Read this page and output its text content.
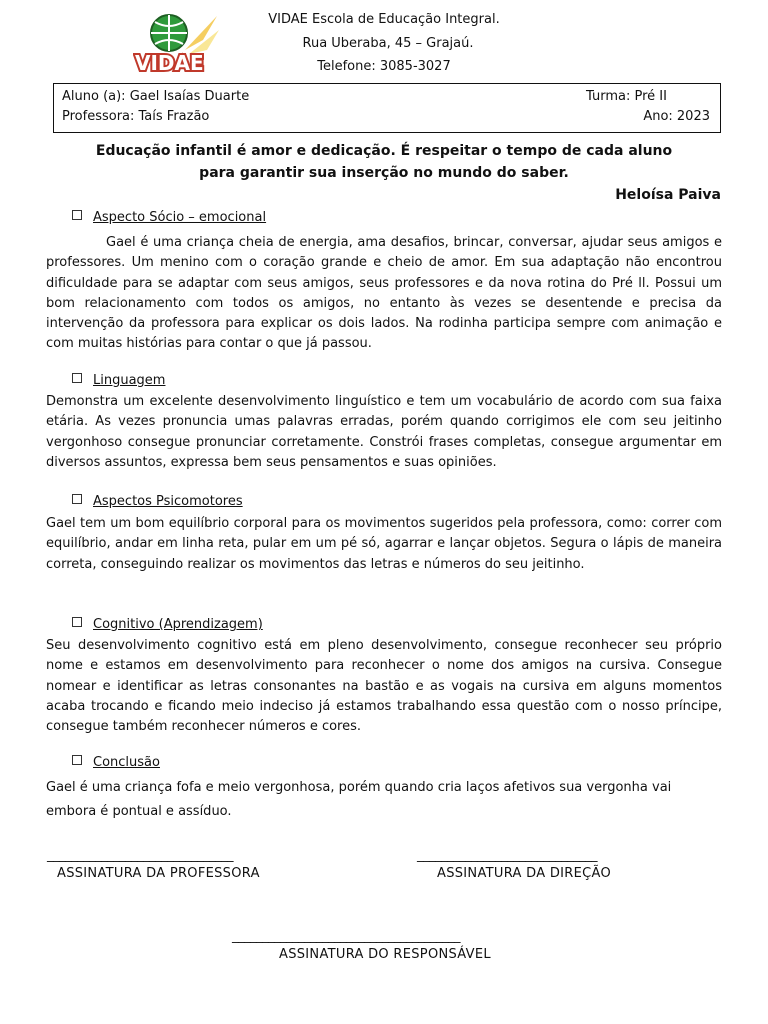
VIDAE
VIDAE Escola de Educação Integral.
Rua Uberaba, 45 – Grajaú.
Telefone: 3085-3027
Aluno (a): Gael Isaías Duarte	Turma: Pré II
Professora: Taís Frazão	Ano: 2023
Educação infantil é amor e dedicação. É respeitar o tempo de cada aluno
para garantir sua inserção no mundo do saber.
Heloísa Paiva
Aspecto Sócio – emocional

Gael é uma criança cheia de energia, ama desafios, brincar, conversar, ajudar seus amigos e professores. Um menino com o coração grande e cheio de amor. Em sua adaptação não encontrou dificuldade para se adaptar com seus amigos, seus professores e da nova rotina do Pré ll. Possui um bom relacionamento com todos os amigos, no entanto às vezes se desentende e precisa da intervenção da professora para explicar os dois lados. Na rodinha participa sempre com animação e com muitas histórias para contar o que já passou.

Linguagem

Demonstra um excelente desenvolvimento linguístico e tem um vocabulário de acordo com sua faixa etária. As vezes pronuncia umas palavras erradas, porém quando corrigimos ele com seu jeitinho vergonhoso consegue pronunciar corretamente. Constrói frases completas, consegue argumentar em diversos assuntos, expressa bem seus pensamentos e suas opiniões.

Aspectos Psicomotores

Gael tem um bom equilíbrio corporal para os movimentos sugeridos pela professora, como: correr com equilíbrio, andar em linha reta, pular em um pé só, agarrar e lançar objetos. Segura o lápis de maneira correta, conseguindo realizar os movimentos das letras e números do seu jeitinho.

Cognitivo (Aprendizagem)

Seu desenvolvimento cognitivo está em pleno desenvolvimento, consegue reconhecer seu próprio nome e estamos em desenvolvimento para reconhecer o nome dos amigos na cursiva. Consegue nomear e identificar as letras consonantes na bastão e as vogais na cursiva em alguns momentos acaba trocando e ficando meio indeciso já estamos trabalhando essa questão com o nosso príncipe, consegue também reconhecer números e cores.

Conclusão

Gael é uma criança fofa e meio vergonhosa, porém quando cria laços afetivos sua vergonha vai embora é pontual e assíduo.

_______________________________
ASSINATURA DA PROFESSORA
______________________________
ASSINATURA DA DIREÇÃO
______________________________________
ASSINATURA DO RESPONSÁVEL
